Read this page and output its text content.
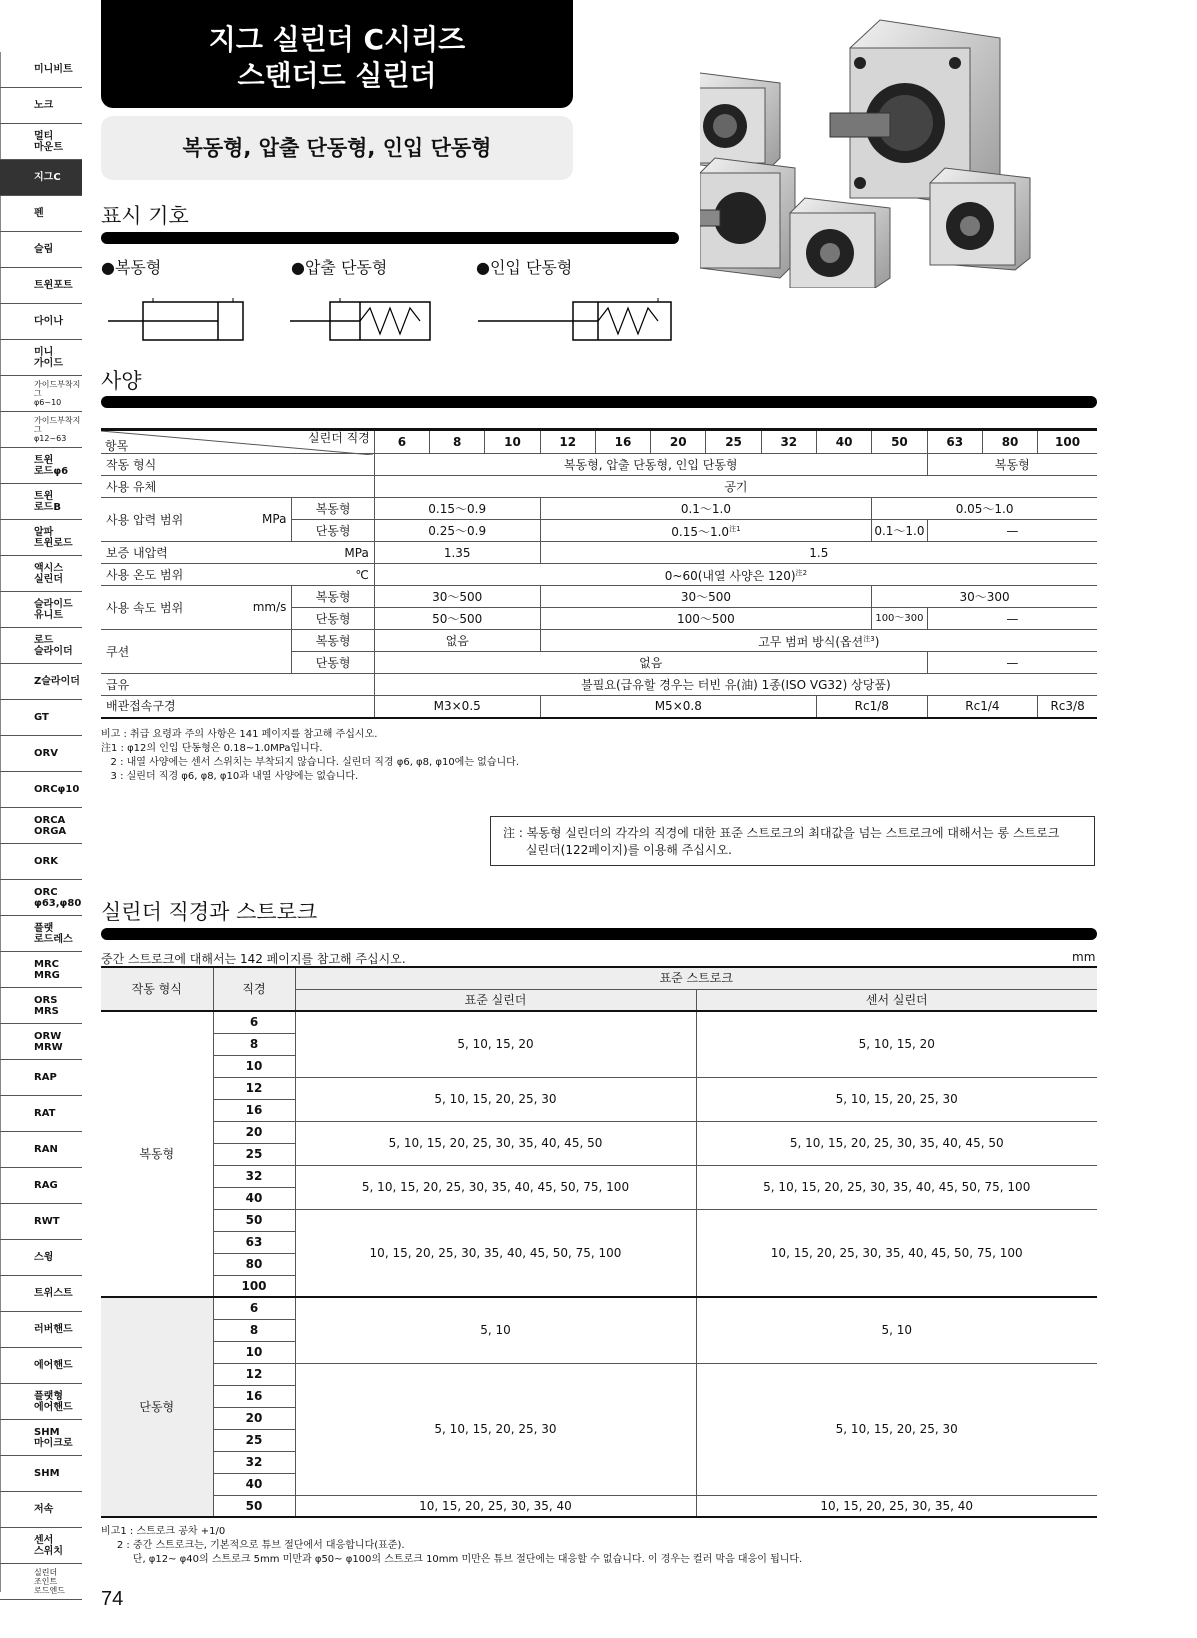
미니비트
노크
멀티
마운트
지그C
펜
슬림
트윈포트
다이나
미니
가이드
가이드부착지그
φ6~10
가이드부착지그
φ12~63
트윈
로드φ6
트윈
로드B
알파
트윈로드
액시스
실린더
슬라이드
유니트
로드
슬라이더
Z슬라이더
GT
ORV
ORCφ10
ORCA
ORGA
ORK
ORC
φ63,φ80
플랫
로드레스
MRC
MRG
ORS
MRS
ORW
MRW
RAP
RAT
RAN
RAG
RWT
스윙
트위스트
러버핸드
에어핸드
플랫형
에어핸드
SHM
마이크로
SHM
저속
센서
스위치
실린더
조인트
로드엔드	74
지그 실린더 C시리즈
스탠더드 실린더
복동형, 압출 단동형, 인입 단동형
표시 기호
●복동형	●압출 단동형	●인입 단동형
사양
항목
실린더 직경		6	8	10	12	16	20	25	32	40	50	63	80	100
작동 형식		복동형, 압출 단동형, 인입 단동형										복동형		
사용 유체		공기												
사용 압력 범위 MPa	복동형	0.15～0.9			0.1～1.0						0.05～1.0			
	단동형	0.25～0.9			0.15～1.0$^{注1}$						0.1～1.0	—		
보증 내압력	MPa	1.35			1.5									
사용 온도 범위	℃	0~60(내열 사양은 120)$^{注2}$
사용 속도 범위 mm/s	복동형	30～500			30～500						30～300			
	단동형	50～500			100～500						100～300	—		
쿠션	복동형	없음			고무 범퍼 방식(옵션$^{注3}$)									
	단동형	없음										—		
급유		불필요(급유할 경우는 터빈 유(油) 1종(ISO VG32) 상당품)												
배관접속구경		M3×0.5			M5×0.8					Rc1/8		Rc1/4		Rc3/8
비고 : 취급 요령과 주의 사항은 141 페이지를 참고해 주십시오.
注1 : φ12의 인입 단동형은 0.18~1.0MPa입니다.
2 : 내열 사양에는 센서 스위치는 부착되지 않습니다. 실린더 직경 φ6, φ8, φ10에는 없습니다.
3 : 실린더 직경 φ6, φ8, φ10과 내열 사양에는 없습니다.
注 : 복동형 실린더의 각각의 직경에 대한 표준 스트로크의 최대값을 넘는 스트로크에 대해서는 롱 스트로크
실린더(122페이지)를 이용해 주십시오.
실린더 직경과 스트로크
중간 스트로크에 대해서는 142 페이지를 참고해 주십시오.	mm
작동 형식	직경	표준 스트로크	
		표준 실린더	센서 실린더
복동형	6	5, 10, 15, 20	5, 10, 15, 20
	8		
	10		
	12	5, 10, 15, 20, 25, 30	5, 10, 15, 20, 25, 30
	16		
	20	5, 10, 15, 20, 25, 30, 35, 40, 45, 50	5, 10, 15, 20, 25, 30, 35, 40, 45, 50
	25		
	32	5, 10, 15, 20, 25, 30, 35, 40, 45, 50, 75, 100	5, 10, 15, 20, 25, 30, 35, 40, 45, 50, 75, 100
	40		
	50	10, 15, 20, 25, 30, 35, 40, 45, 50, 75, 100	10, 15, 20, 25, 30, 35, 40, 45, 50, 75, 100
	63		
	80		
	100		
단동형	6	5, 10	5, 10
	8		
	10		
	12	5, 10, 15, 20, 25, 30	5, 10, 15, 20, 25, 30
	16		
	20		
	25		
	32		
	40		
	50	10, 15, 20, 25, 30, 35, 40	10, 15, 20, 25, 30, 35, 40
비고1 : 스트로크 공차 +1/0
2 : 중간 스트로크는, 기본적으로 튜브 절단에서 대응합니다(표준).
단, φ12~ φ40의 스트로크 5mm 미만과 φ50~ φ100의 스트로크 10mm 미만은 튜브 절단에는 대응할 수 없습니다. 이 경우는 컬러 막음 대응이 됩니다.
